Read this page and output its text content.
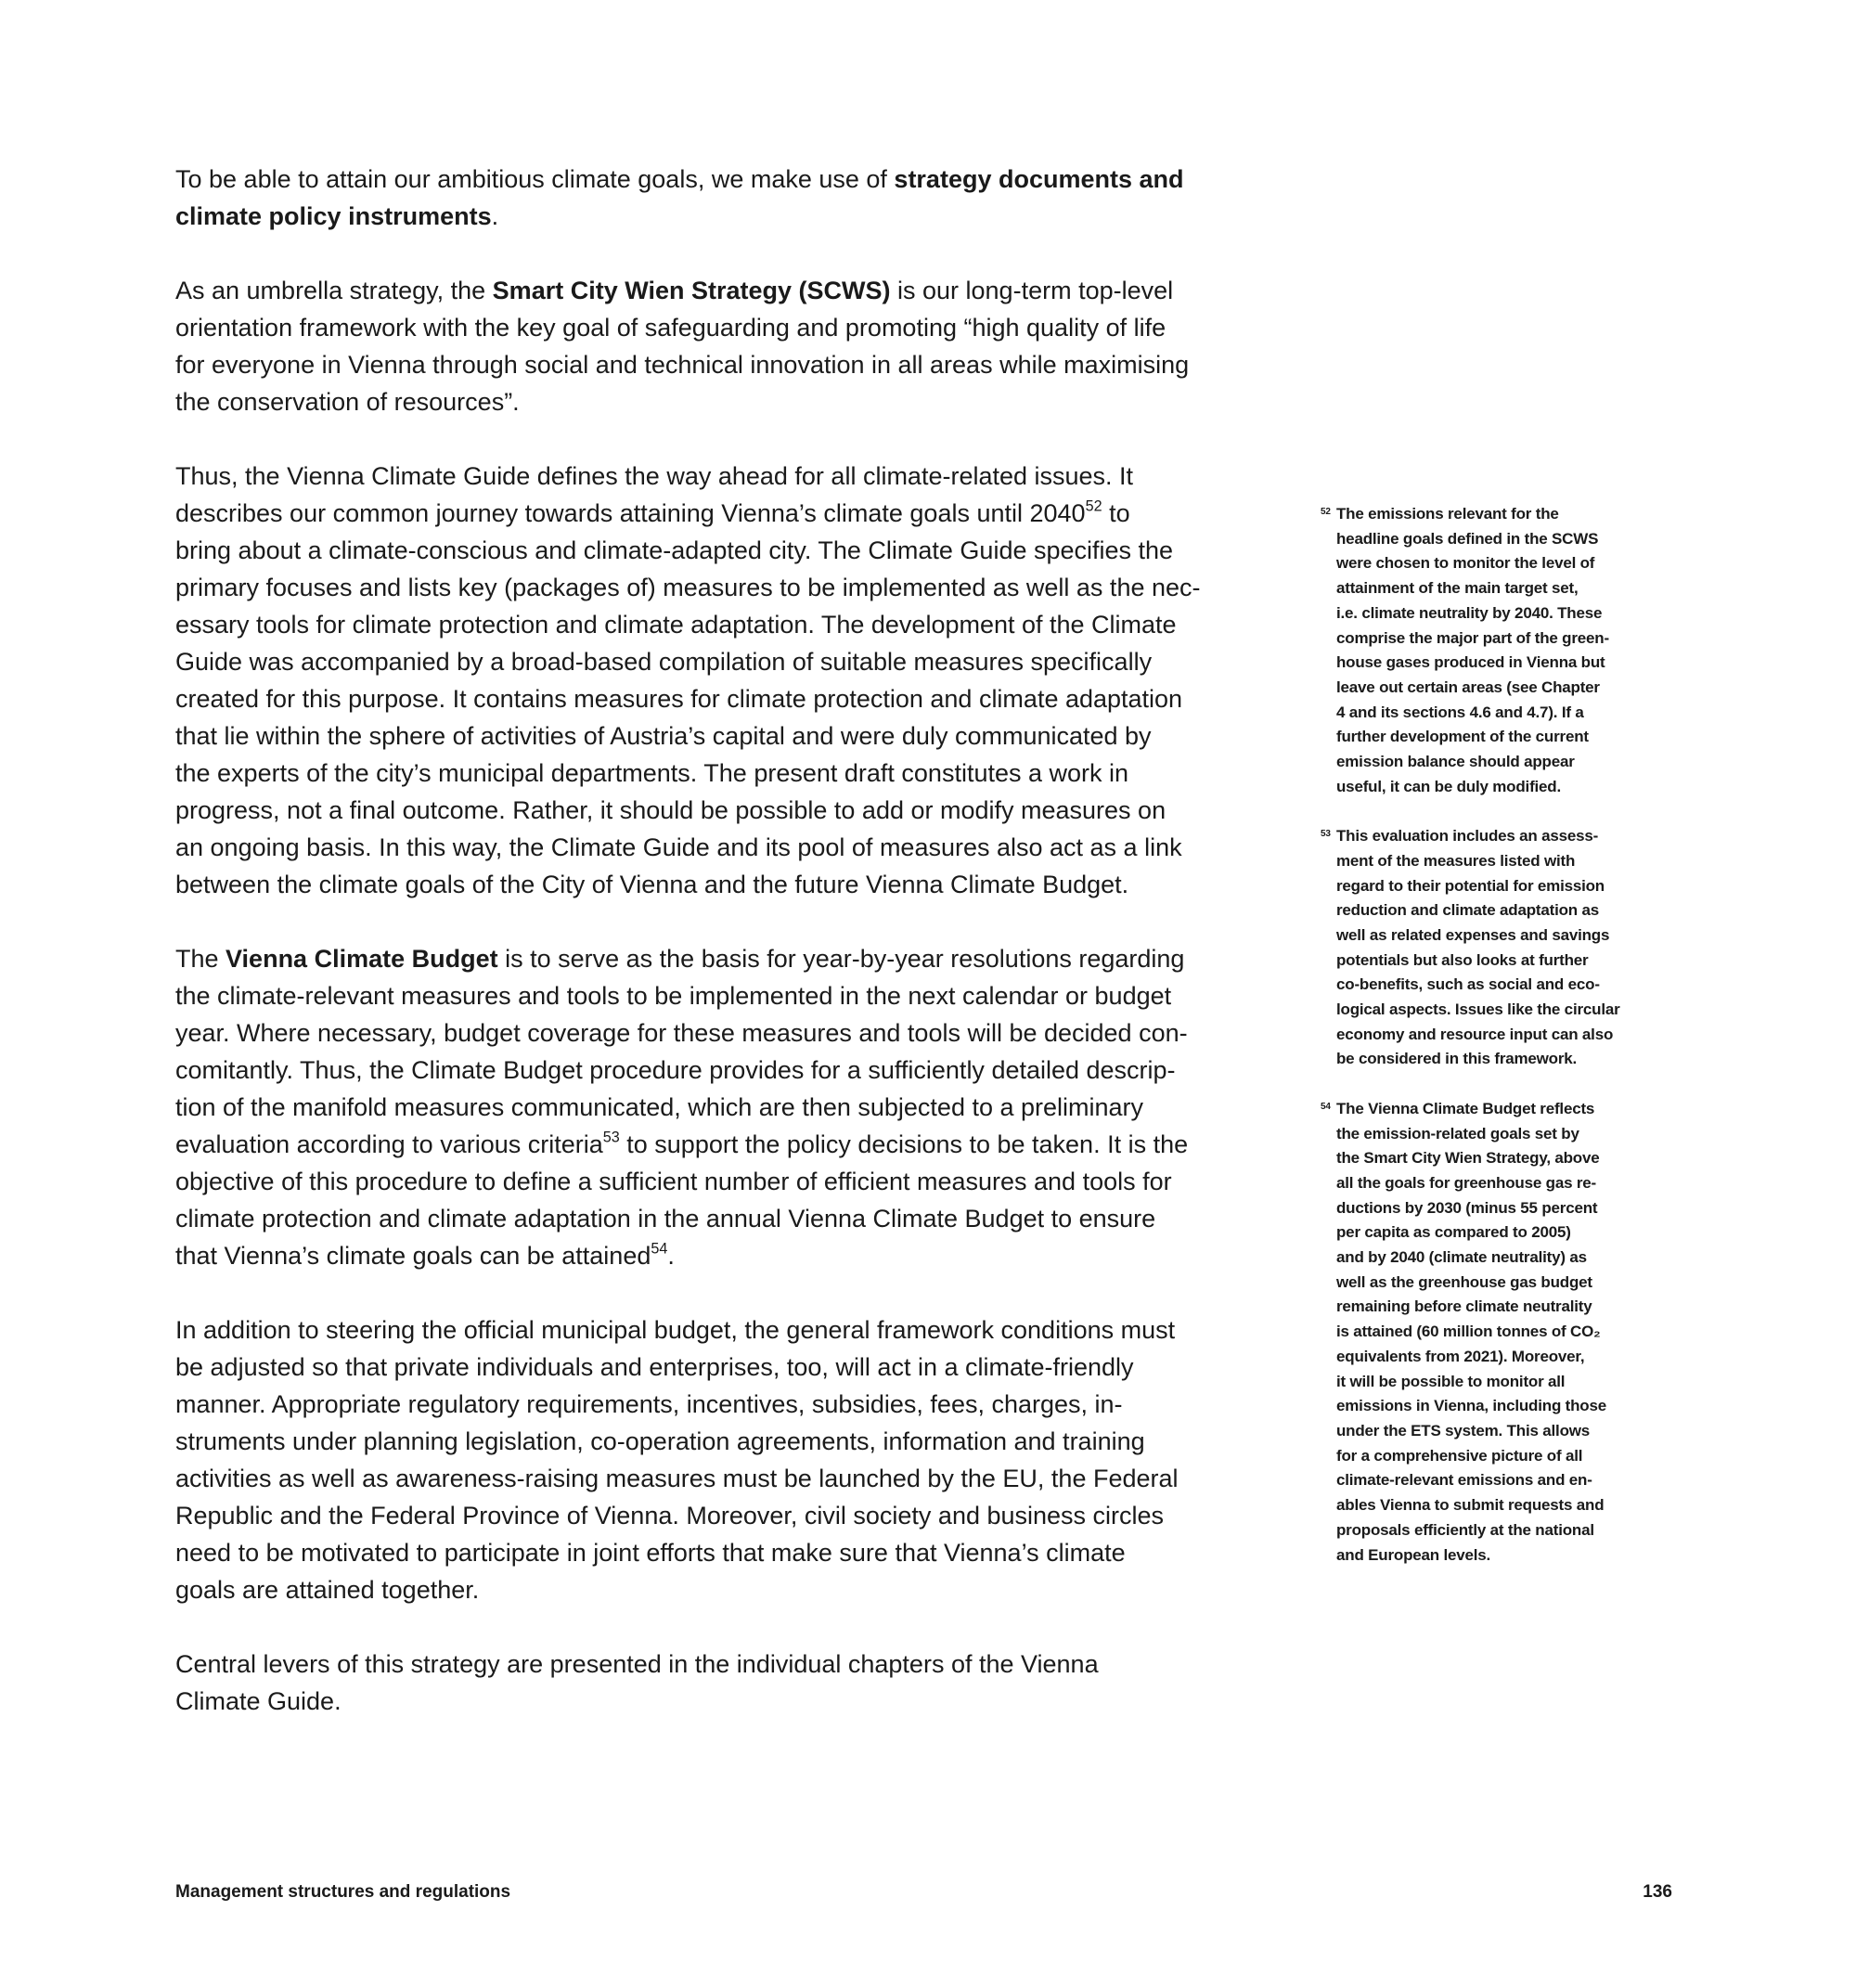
To be able to attain our ambitious climate goals, we make use of strategy documents and
climate policy instruments.
As an umbrella strategy, the Smart City Wien Strategy (SCWS) is our long-term top-level
orientation framework with the key goal of safeguarding and promoting “high quality of life
for everyone in Vienna through social and technical innovation in all areas while maximising
the conservation of resources”.
Thus, the Vienna Climate Guide defines the way ahead for all climate-related issues. It
describes our common journey towards attaining Vienna’s climate goals until 2040$^{52}$ to
bring about a climate-conscious and climate-adapted city. The Climate Guide specifies the
primary focuses and lists key (packages of) measures to be implemented as well as the nec-
essary tools for climate protection and climate adaptation. The development of the Climate
Guide was accompanied by a broad-based compilation of suitable measures specifically
created for this purpose. It contains measures for climate protection and climate adaptation
that lie within the sphere of activities of Austria’s capital and were duly communicated by
the experts of the city’s municipal departments. The present draft constitutes a work in
progress, not a final outcome. Rather, it should be possible to add or modify measures on
an ongoing basis. In this way, the Climate Guide and its pool of measures also act as a link
between the climate goals of the City of Vienna and the future Vienna Climate Budget.
The Vienna Climate Budget is to serve as the basis for year-by-year resolutions regarding
the climate-relevant measures and tools to be implemented in the next calendar or budget
year. Where necessary, budget coverage for these measures and tools will be decided con-
comitantly. Thus, the Climate Budget procedure provides for a sufficiently detailed descrip-
tion of the manifold measures communicated, which are then subjected to a preliminary
evaluation according to various criteria$^{53}$ to support the policy decisions to be taken. It is the
objective of this procedure to define a sufficient number of efficient measures and tools for
climate protection and climate adaptation in the annual Vienna Climate Budget to ensure
that Vienna’s climate goals can be attained$^{54}$.
In addition to steering the official municipal budget, the general framework conditions must
be adjusted so that private individuals and enterprises, too, will act in a climate-friendly
manner. Appropriate regulatory requirements, incentives, subsidies, fees, charges, in-
struments under planning legislation, co-operation agreements, information and training
activities as well as awareness-raising measures must be launched by the EU, the Federal
Republic and the Federal Province of Vienna. Moreover, civil society and business circles
need to be motivated to participate in joint efforts that make sure that Vienna’s climate
goals are attained together.
Central levers of this strategy are presented in the individual chapters of the Vienna
Climate Guide.
52 The emissions relevant for the
headline goals defined in the SCWS
were chosen to monitor the level of
attainment of the main target set,
i.e. climate neutrality by 2040. These
comprise the major part of the green-
house gases produced in Vienna but
leave out certain areas (see Chapter
4 and its sections 4.6 and 4.7). If a
further development of the current
emission balance should appear
useful, it can be duly modified.
53 This evaluation includes an assess-
ment of the measures listed with
regard to their potential for emission
reduction and climate adaptation as
well as related expenses and savings
potentials but also looks at further
co-benefits, such as social and eco-
logical aspects. Issues like the circular
economy and resource input can also
be considered in this framework.
54 The Vienna Climate Budget reflects
the emission-related goals set by
the Smart City Wien Strategy, above
all the goals for greenhouse gas re-
ductions by 2030 (minus 55 percent
per capita as compared to 2005)
and by 2040 (climate neutrality) as
well as the greenhouse gas budget
remaining before climate neutrality
is attained (60 million tonnes of CO₂
equivalents from 2021). Moreover,
it will be possible to monitor all
emissions in Vienna, including those
under the ETS system. This allows
for a comprehensive picture of all
climate-relevant emissions and en-
ables Vienna to submit requests and
proposals efficiently at the national
and European levels.
Management structures and regulations	136
